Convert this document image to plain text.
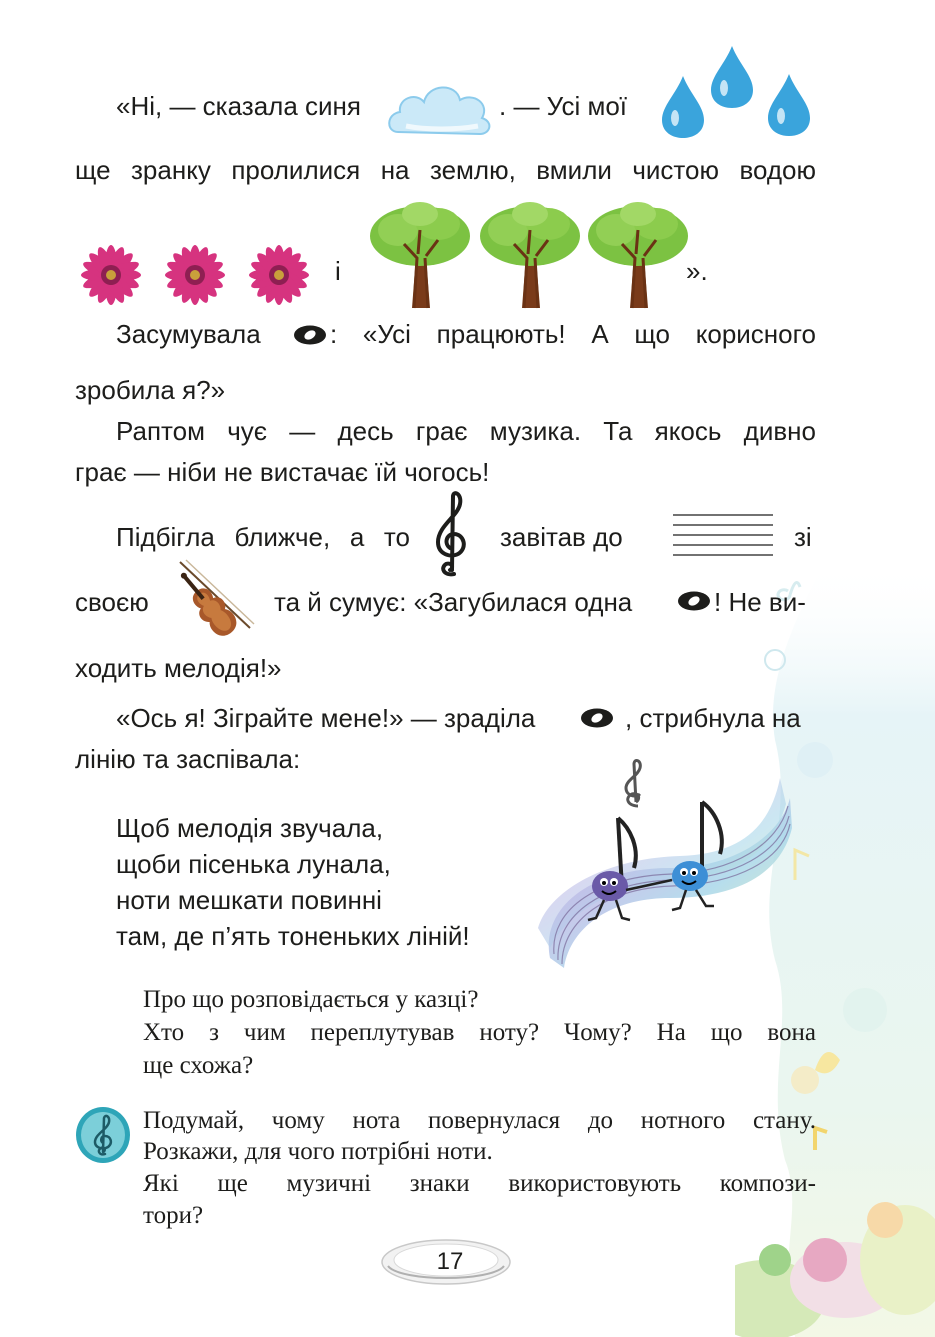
«Ні, — сказала синя	. — Усі мої

ще зранку пролилися на землю, вмили чистою водою

і	».

Засумувала	: «Усі працюють! А що корисного

зробила я?»

Раптом чує — десь грає музика. Та якось дивно

грає — ніби не вистачає їй чогось!

Підбігла ближче, а то	завітав до	зі

своєю	та й сумує: «Загубилася одна	! Не ви-

ходить мелодія!»

«Ось я! Зіграйте мене!» — зраділа	, стрибнула на

лінію та заспівала:

Щоб мелодія звучала,

щоби пісенька лунала,

ноти мешкати повинні

там, де п’ять тоненьких ліній!

Про що розповідається у казці?

Хто з чим переплутував ноту? Чому? На що вона

ще схожа?

Подумай, чому нота повернулася до нотного стану.

Розкажи, для чого потрібні ноти.

Які ще музичні знаки використовують компози-

тори?

17
